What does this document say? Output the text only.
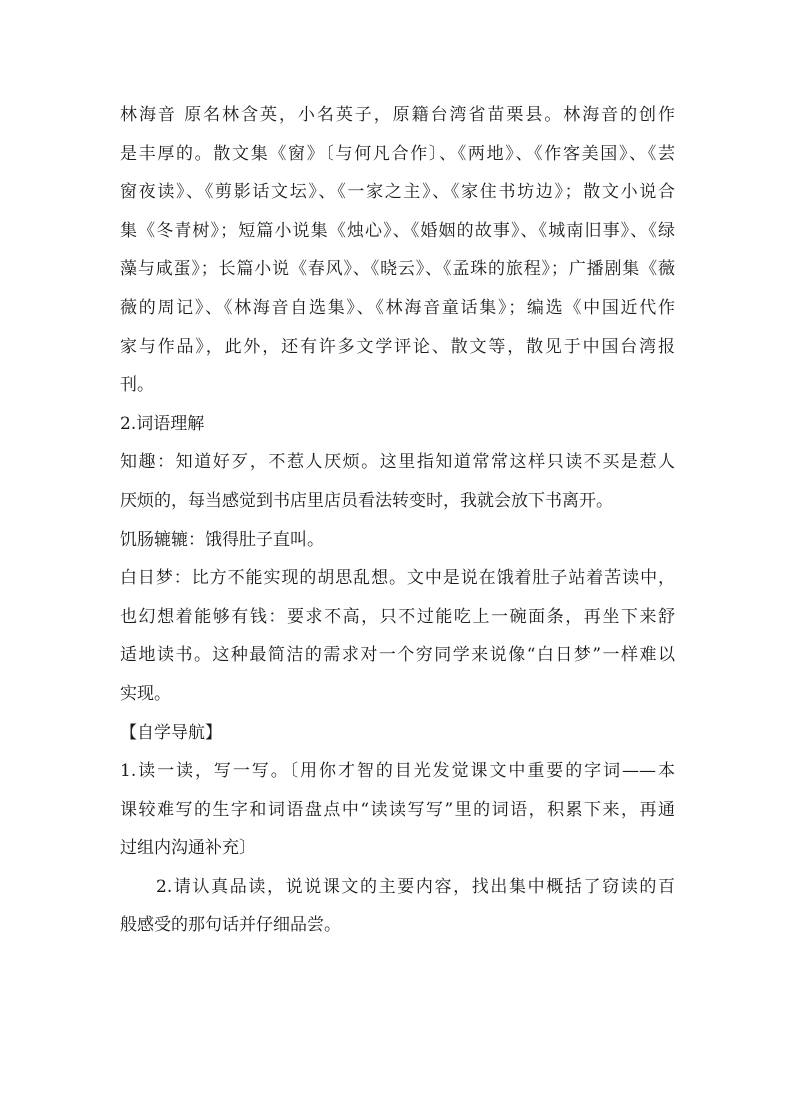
林海音 原名林含英，小名英子，原籍台湾省苗栗县。林海音的创作
是丰厚的。散文集《窗》〔与何凡合作〕、《两地》、《作客美国》、《芸
窗夜读》、《剪影话文坛》、《一家之主》、《家住书坊边》；散文小说合
集《冬青树》；短篇小说集《烛心》、《婚姻的故事》、《城南旧事》、《绿
藻与咸蛋》；长篇小说《春风》、《晓云》、《孟珠的旅程》；广播剧集《薇
薇的周记》、《林海音自选集》、《林海音童话集》；编选《中国近代作
家与作品》，此外，还有许多文学评论、散文等，散见于中国台湾报
刊。
2.词语理解
知趣：知道好歹，不惹人厌烦。这里指知道常常这样只读不买是惹人
厌烦的，每当感觉到书店里店员看法转变时，我就会放下书离开。
饥肠辘辘：饿得肚子直叫。
白日梦：比方不能实现的胡思乱想。文中是说在饿着肚子站着苦读中，
也幻想着能够有钱：要求不高，只不过能吃上一碗面条，再坐下来舒
适地读书。这种最简洁的需求对一个穷同学来说像“白日梦”一样难以
实现。
【自学导航】
1.读一读，写一写。〔用你才智的目光发觉课文中重要的字词——本
课较难写的生字和词语盘点中“读读写写”里的词语，积累下来，再通
过组内沟通补充〕
2.请认真品读，说说课文的主要内容，找出集中概括了窃读的百
般感受的那句话并仔细品尝。
